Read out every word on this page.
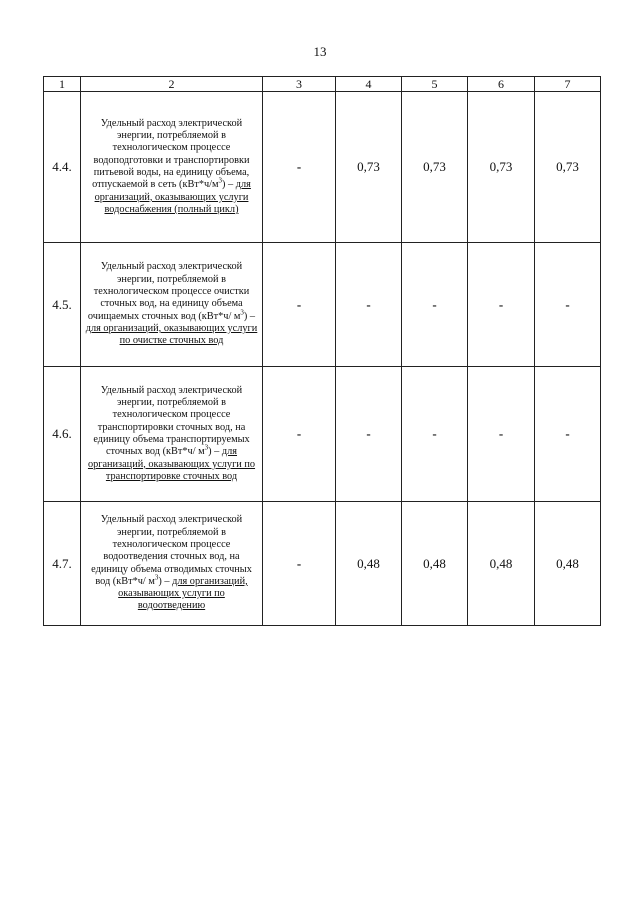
13
1	2	3	4	5	6	7
4.4.	Удельный расход электрической энергии, потребляемой в технологическом процессе водоподготовки и транспортировки питьевой воды, на единицу объема, отпускаемой в сеть $(кВт*ч/м^3)$ – для организаций, оказывающих услуги водоснабжения (полный цикл)	-	0,73	0,73	0,73	0,73
4.5.	Удельный расход электрической энергии, потребляемой в технологическом процессе очистки сточных вод, на единицу объема очищаемых сточных вод (кВт*ч/ $м^3$) – для организаций, оказывающих услуги по очистке сточных вод	-	-	-	-	-
4.6.	Удельный расход электрической энергии, потребляемой в технологическом процессе транспортировки сточных вод, на единицу объема транспортируемых сточных вод (кВт*ч/ $м^3$) – для организаций, оказывающих услуги по транспортировке сточных вод	-	-	-	-	-
4.7.	Удельный расход электрической энергии, потребляемой в технологическом процессе водоотведения сточных вод, на единицу объема отводимых сточных вод (кВт*ч/ $м^3$) – для организаций, оказывающих услуги по водоотведению	-	0,48	0,48	0,48	0,48
